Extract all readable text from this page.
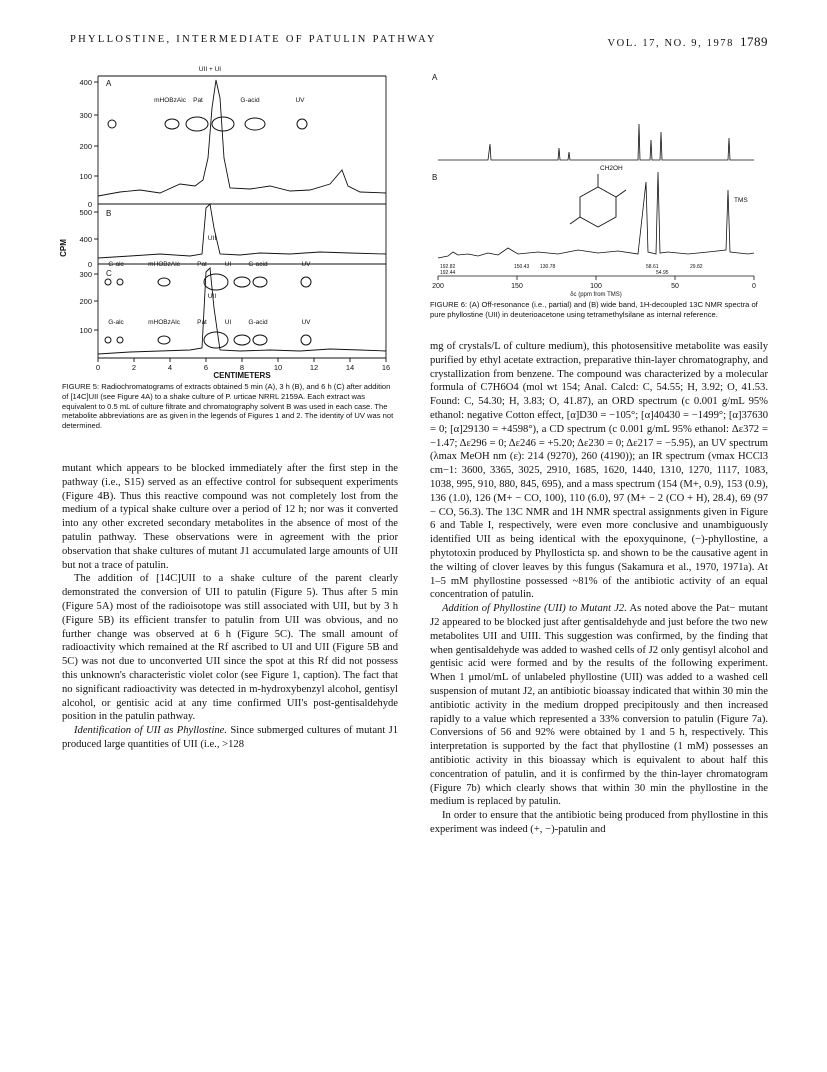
PHYLLOSTINE, INTERMEDIATE OF PATULIN PATHWAY	VOL. 17, NO. 9, 1978 1789
400
300
200
100
0
500
400
300
200
100
0
CPM
0	2	4	6	8	10	12	14	16
CENTIMETERS
A
UII + UI
mHOBzAlc Pat	G-acid	UV
B
UII
G-alc	mHOBzAlc	Pat	UI	G-acid	UV
C
UII
G-alc	mHOBzAlc	Pat	UI	G-acid	UV
FIGURE 5: Radiochromatograms of extracts obtained 5 min (A), 3 h (B), and 6 h (C) after addition of [14C]UII (see Figure 4A) to a shake culture of P. urticae NRRL 2159A. Each extract was equivalent to 0.5 mL of culture filtrate and chromatography solvent B was used in each case. The metabolite abbreviations are as given in the legends of Figures 1 and 2. The identity of UV was not determined.
A
B
CH2OH
TMS
192.82
192.44
150.43 130.78	58.61
54.95
29.82
200	150	100	50	0
δc (ppm from TMS)
FIGURE 6: (A) Off-resonance (i.e., partial) and (B) wide band, 1H-decoupled 13C NMR spectra of pure phyllostine (UII) in deuterioacetone using tetramethylsilane as internal reference.

mutant which appears to be blocked immediately after the first step in the pathway (i.e., S15) served as an effective control for subsequent experiments (Figure 4B). Thus this reactive compound was not completely lost from the medium of a typical shake culture over a period of 12 h; nor was it converted into any other excreted secondary metabolites in the absence of most of the patulin pathway. These observations were in agreement with the prior observation that shake cultures of mutant J1 accumulated large amounts of UII but not a trace of patulin.

The addition of [14C]UII to a shake culture of the parent clearly demonstrated the conversion of UII to patulin (Figure 5). Thus after 5 min (Figure 5A) most of the radioisotope was still associated with UII, but by 3 h (Figure 5B) its efficient transfer to patulin from UII was obvious, and no further change was observed at 6 h (Figure 5C). The small amount of radioactivity which remained at the Rf ascribed to UI and UII (Figure 5B and 5C) was not due to unconverted UII since the spot at this Rf did not possess this unknown's characteristic violet color (see Figure 1, caption). The fact that no significant radioactivity was detected in m-hydroxybenzyl alcohol, gentisyl alcohol, or gentisic acid at any time confirmed UII's post-gentisaldehyde position in the patulin pathway.

Identification of UII as Phyllostine. Since submerged cultures of mutant J1 produced large quantities of UII (i.e., >128

mg of crystals/L of culture medium), this photosensitive metabolite was easily purified by ethyl acetate extraction, preparative thin-layer chromatography, and crystallization from benzene. The compound was characterized by a molecular formula of C7H6O4 (mol wt 154; Anal. Calcd: C, 54.55; H, 3.92; O, 41.53. Found: C, 54.30; H, 3.83; O, 41.87), an ORD spectrum (c 0.001 g/mL 95% ethanol: negative Cotton effect, [α]D30 = −105°; [α]40430 = −1499°; [α]37630 = 0; [α]29130 = +4598°), a CD spectrum (c 0.001 g/mL 95% ethanol: Δε372 = −1.47; Δε296 = 0; Δε246 = +5.20; Δε230 = 0; Δε217 = −5.95), an UV spectrum (λmax MeOH nm (ε): 214 (9270), 260 (4190)); an IR spectrum (νmax HCCl3 cm−1: 3600, 3365, 3025, 2910, 1685, 1620, 1440, 1310, 1270, 1117, 1083, 1038, 995, 910, 880, 845, 695), and a mass spectrum (154 (M+, 0.9), 153 (0.9), 136 (1.0), 126 (M+ − CO, 100), 110 (6.0), 97 (M+ − 2 (CO + H), 28.4), 69 (97 − CO, 56.3). The 13C NMR and 1H NMR spectral assignments given in Figure 6 and Table I, respectively, were even more conclusive and unambiguously identified UII as being identical with the epoxyquinone, (−)-phyllostine, a phytotoxin produced by Phyllosticta sp. and shown to be the causative agent in the wilting of clover leaves by this fungus (Sakamura et al., 1970, 1971a). At 1–5 mM phyllostine possessed ~81% of the antibiotic activity of an equal concentration of patulin.

Addition of Phyllostine (UII) to Mutant J2. As noted above the Pat− mutant J2 appeared to be blocked just after gentisaldehyde and just before the two new metabolites UII and UIII. This suggestion was confirmed, by the finding that when gentisaldehyde was added to washed cells of J2 only gentisyl alcohol and gentisic acid were formed and by the results of the following experiment. When 1 μmol/mL of unlabeled phyllostine (UII) was added to a washed cell suspension of mutant J2, an antibiotic bioassay indicated that within 30 min the antibiotic activity in the medium dropped precipitously and then increased rapidly to a value which represented a 33% conversion to patulin (Figure 7a). Conversions of 56 and 92% were obtained by 1 and 5 h, respectively. This interpretation is supported by the fact that phyllostine (1 mM) possesses an antibiotic activity in this bioassay which is equivalent to about half this concentration of patulin, and it is confirmed by the thin-layer chromatogram (Figure 7b) which clearly shows that within 30 min the phyllostine in the medium is replaced by patulin.

In order to ensure that the antibiotic being produced from phyllostine in this experiment was indeed (+, −)-patulin and
